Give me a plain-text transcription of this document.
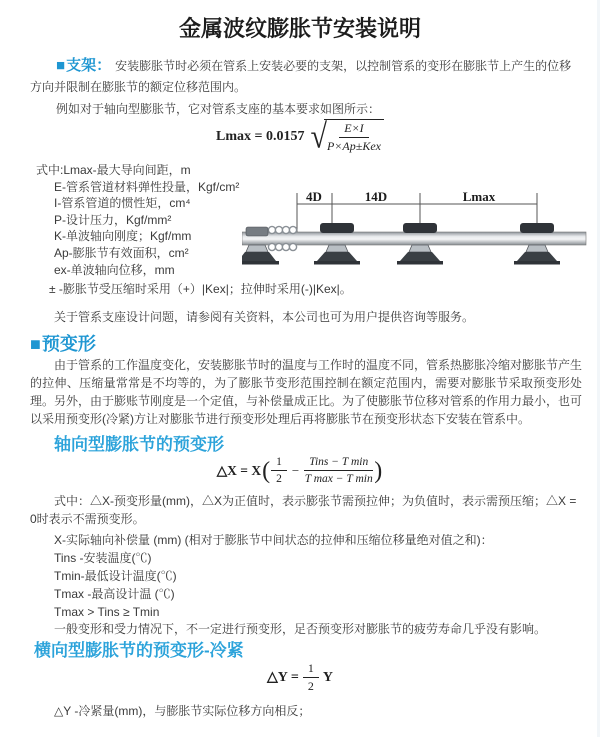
金属波纹膨胀节安装说明
■支架： 安装膨胀节时必须在管系上安装必要的支架，以控制管系的变形在膨胀节上产生的位移方向并限制在膨胀节的额定位移范围内。
例如对于轴向型膨胀节，它对管系支座的基本要求如图所示：
Lmax = 0.0157 √ $\frac{E\times I}{\text{P×Ap±Kex}}$
式中:Lmax-最大导向间距，m
E-管系管道材料弹性投量，Kgf/cm²
I-管系管道的惯性矩，cm⁴
P-设计压力，Kgf/mm²
K-单波轴向刚度；Kgf/mm
Ap-膨胀节有效面积，cm²
ex-单波轴向位移，mm
± -膨胀节受压缩时采用（+）|Kex|；拉伸时采用(-)|Kex|。
关于管系支座设计问题，请参阅有关资料，本公司也可为用户提供咨询等服务。
4D	14D	Lmax
■预变形
由于管系的工作温度变化，安装膨胀节时的温度与工作时的温度不同，管系热膨胀冷缩对膨胀节产生的拉伸、压缩量常常是不均等的，为了膨胀节变形范围控制在额定范围内，需要对膨胀节采取预变形处理。另外，由于膨账节刚度是一个定值，与补偿量成正比。为了使膨胀节位移对管系的作用力最小，也可以采用预变形(冷紧)方让对膨胀节进行预变形处理后再将膨胀节在预变形状态下安装在管系中。
轴向型膨胀节的预变形
△X = X ( $\frac{1}{2} - \frac{\text{Tins − T min}}{\text{T max − T min}}$ )
式中：△X-预变形量(mm)，△X为正值时，表示膨张节需预拉伸；为负值时，表示需预压缩；△X = 0时表示不需预变形。
X-实际轴向补偿量 (mm) (相对于膨胀节中间状态的拉伸和压缩位移量绝对值之和)：
Tins -安装温度(℃)
Tmin-最低设计温度(℃)
Tmax -最高设计温 (℃)
Tmax > Tins ≥ Tmin
一般变形和受力情况下，不一定进行预变形，足否预变形对膨胀节的疲劳寿命几乎没有影响。
横向型膨胀节的预变形-冷紧
△Y = $\frac{1}{2}$ Y
△Y -冷紧量(mm)，与膨胀节实际位移方向相反；
